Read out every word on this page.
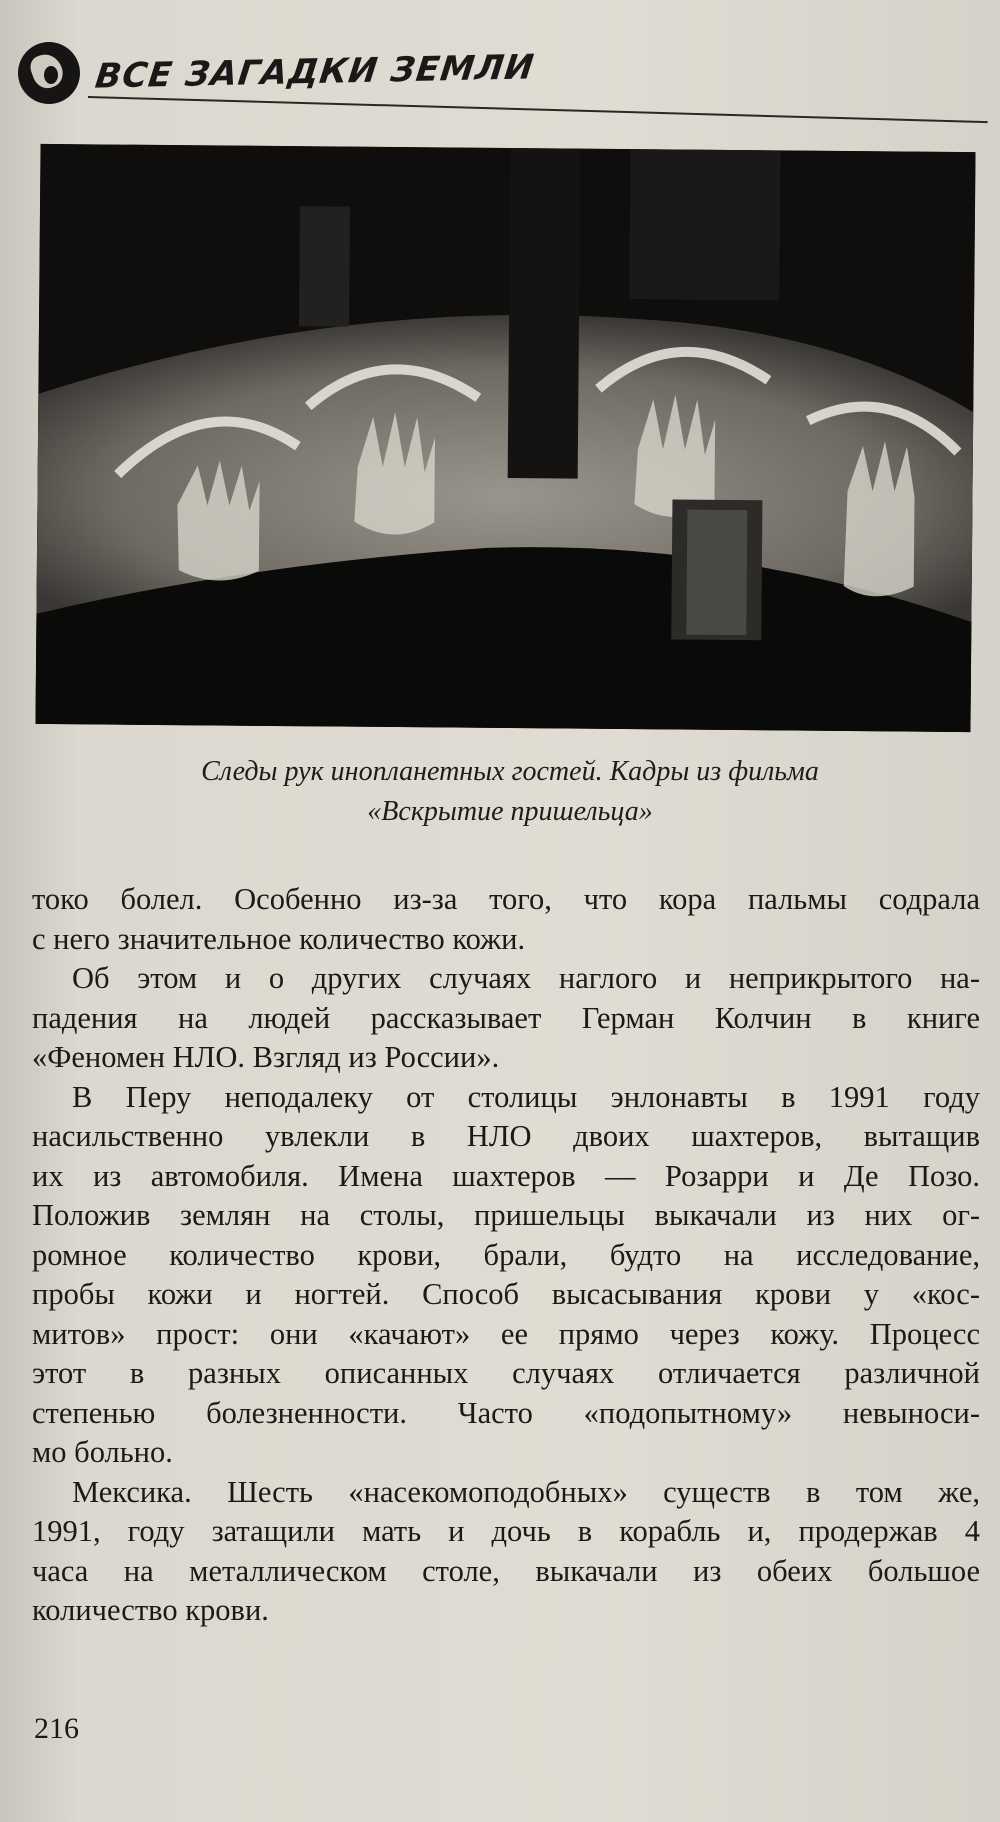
ВСЕ ЗАГАДКИ ЗЕМЛИ
Следы рук инопланетных гостей. Кадры из фильма
«Вскрытие пришельца»
токо болел. Особенно из-за того, что кора пальмы содрала
с него значительное количество кожи.
Об этом и о других случаях наглого и неприкрытого на-
падения на людей рассказывает Герман Колчин в книге
«Феномен НЛО. Взгляд из России».
В Перу неподалеку от столицы энлонавты в 1991 году
насильственно увлекли в НЛО двоих шахтеров, вытащив
их из автомобиля. Имена шахтеров — Розарри и Де Позо.
Положив землян на столы, пришельцы выкачали из них ог-
ромное количество крови, брали, будто на исследование,
пробы кожи и ногтей. Способ высасывания крови у «кос-
митов» прост: они «качают» ее прямо через кожу. Процесс
этот в разных описанных случаях отличается различной
степенью болезненности. Часто «подопытному» невыноси-
мо больно.
Мексика. Шесть «насекомоподобных» существ в том же,
1991, году затащили мать и дочь в корабль и, продержав 4
часа на металлическом столе, выкачали из обеих большое
количество крови.
216
